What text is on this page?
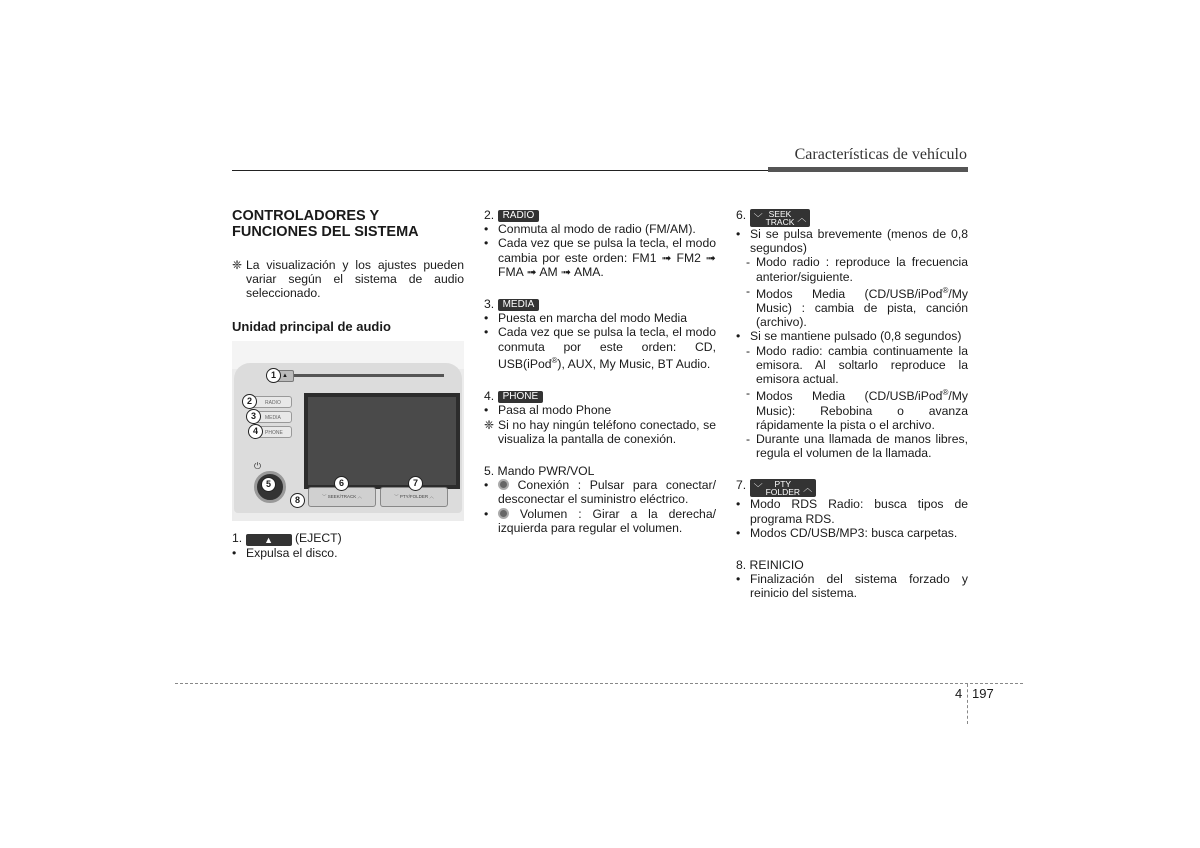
Características de vehículo
CONTROLADORES Y
FUNCIONES DEL SISTEMA

❈ La visualización y los ajustes pueden variar según el sistema de audio seleccionado.

Unidad principal de audio
▲
RADIO
MEDIA
PHONE
⏻
﹀ SEEK/TRACK ︿	﹀ PTY/FOLDER ︿
1
2
3
4
5	6	7
8

1. ▲ (EJECT)

• Expulsa el disco.

2. RADIO

• Conmuta al modo de radio (FM/AM).

• Cada vez que se pulsa la tecla, el modo cambia por este orden: FM1 ➟ FM2 ➟ FMA ➟ AM ➟ AMA.

3. MEDIA

• Puesta en marcha del modo Media

• Cada vez que se pulsa la tecla, el modo conmuta por este orden: CD, USB(iPod®), AUX, My Music, BT Audio.

4. PHONE

• Pasa al modo Phone

❈ Si no hay ningún teléfono conectado, se visualiza la pantalla de conexión.

5. Mando PWR/VOL

• Conexión : Pulsar para conectar/ desconectar el suministro eléctrico.

•	Volumen : Girar a la derecha/ izquierda para regular el volumen.

6. ﹀ SEEK
TRACK ︿

• Si se pulsa brevemente (menos de 0,8 segundos)

- Modo radio : reproduce la frecuencia anterior/siguiente.

- Modos Media (CD/USB/iPod®/My Music) : cambia de pista, canción (archivo).

• Si se mantiene pulsado (0,8 segundos)

- Modo radio: cambia continuamente la emisora. Al soltarlo reproduce la emisora actual.

- Modos Media (CD/USB/iPod®/My Music): Rebobina o avanza rápidamente la pista o el archivo.

- Durante una llamada de manos libres, regula el volumen de la llamada.

7. ﹀	PTY
FOLDER ︿

• Modo RDS Radio: busca tipos de programa RDS.

• Modos CD/USB/MP3: busca carpetas.

8. REINICIO

• Finalización del sistema forzado y reinicio del sistema.

4 197
